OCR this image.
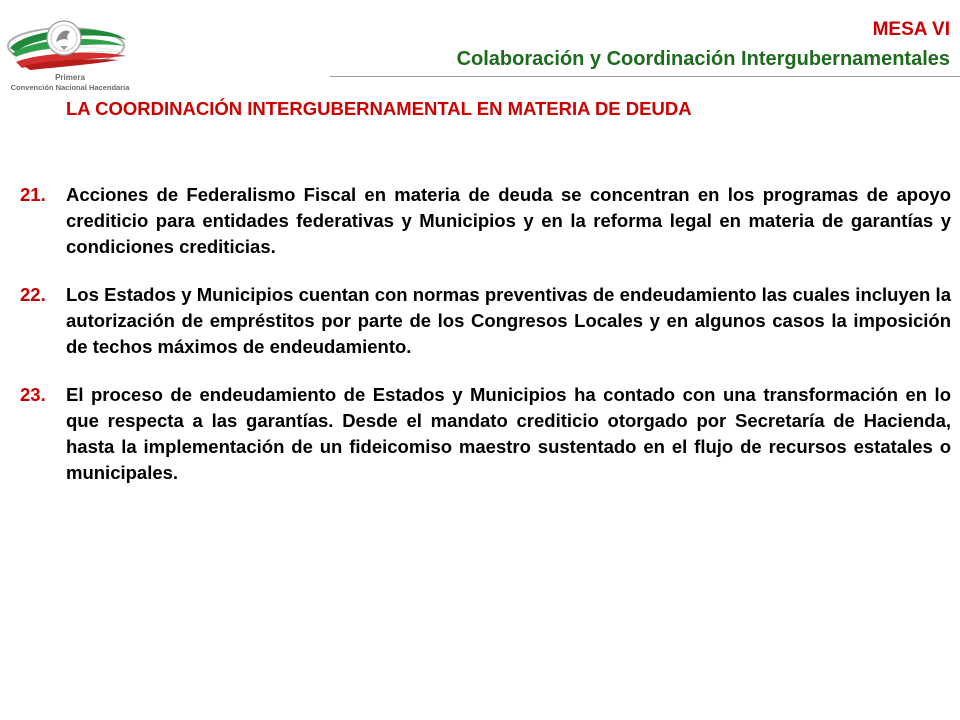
Primera
Convención Nacional Hacendaria
MESA VI
Colaboración y Coordinación Intergubernamentales
LA COORDINACIÓN INTERGUBERNAMENTAL EN MATERIA DE DEUDA
21. Acciones de Federalismo Fiscal en materia de deuda se concentran en los programas de apoyo crediticio para entidades federativas y Municipios y en la reforma legal en materia de garantías y condiciones crediticias.
22. Los Estados y Municipios cuentan con normas preventivas de endeudamiento las cuales incluyen la autorización de empréstitos por parte de los Congresos Locales y en algunos casos la imposición de techos máximos de endeudamiento.
23. El proceso de endeudamiento de Estados y Municipios ha contado con una transformación en lo que respecta a las garantías. Desde el mandato crediticio otorgado por Secretaría de Hacienda, hasta la implementación de un fideicomiso maestro sustentado en el flujo de recursos estatales o municipales.
